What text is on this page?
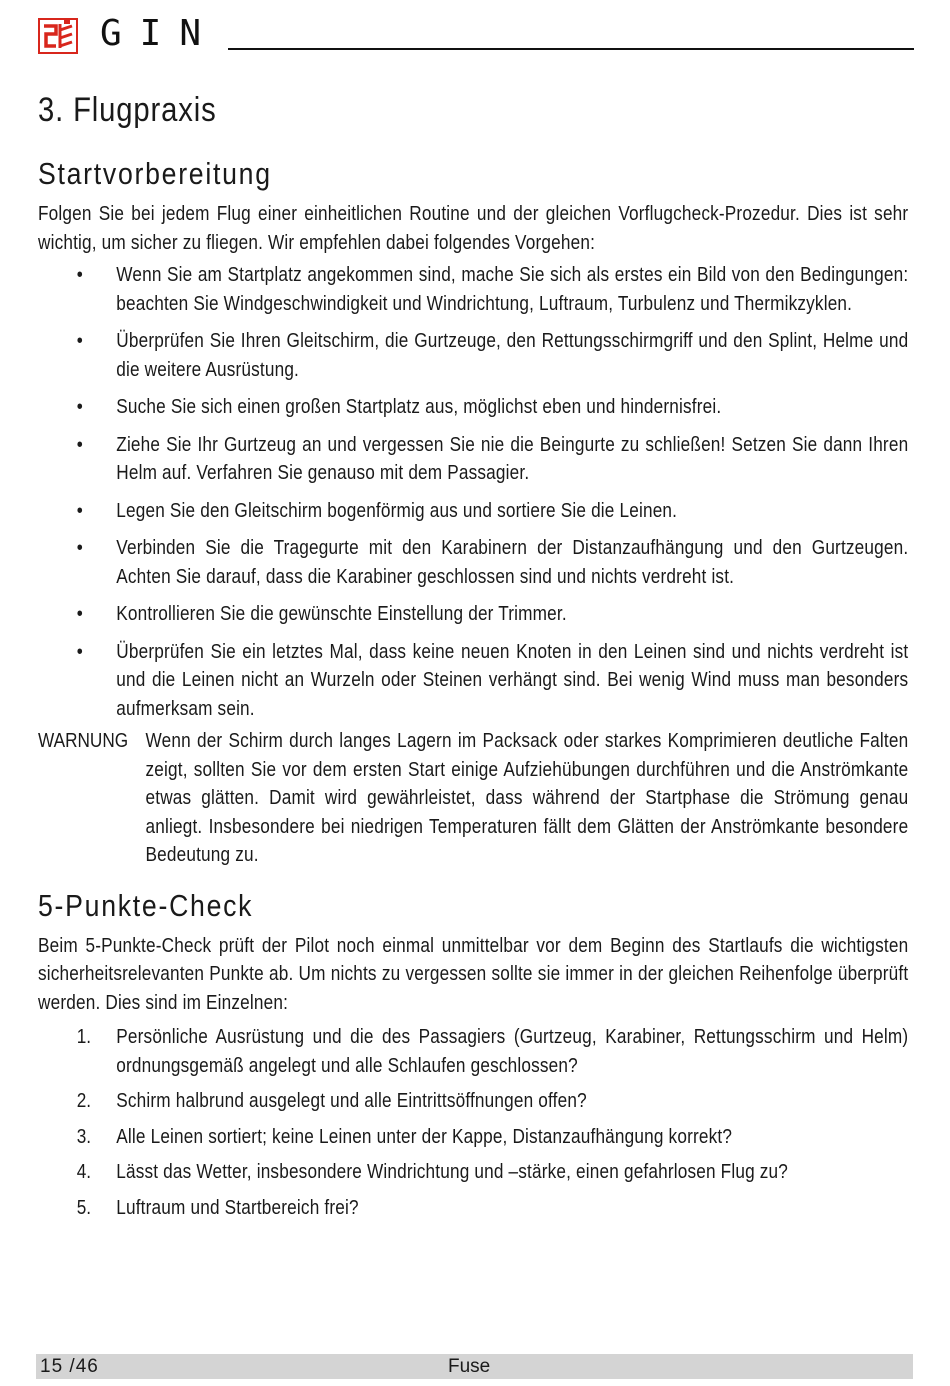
GIN
3. Flugpraxis
Startvorbereitung

Folgen Sie bei jedem Flug einer einheitlichen Routine und der gleichen Vorflugcheck-Prozedur. Dies ist sehr wichtig, um sicher zu fliegen. Wir empfehlen dabei folgendes Vorgehen:

• Wenn Sie am Startplatz angekommen sind, mache Sie sich als erstes ein Bild von den Bedingungen: beachten Sie Windgeschwindigkeit und Windrichtung, Luftraum, Turbulenz und Thermikzyklen.

• Überprüfen Sie Ihren Gleitschirm, die Gurtzeuge, den Rettungsschirmgriff und den Splint, Helme und die weitere Ausrüstung.

• Suche Sie sich einen großen Startplatz aus, möglichst eben und hindernisfrei.

• Ziehe Sie Ihr Gurtzeug an und vergessen Sie nie die Beingurte zu schließen! Setzen Sie dann Ihren Helm auf. Verfahren Sie genauso mit dem Passagier.

• Legen Sie den Gleitschirm bogenförmig aus und sortiere Sie die Leinen.

• Verbinden Sie die Tragegurte mit den Karabinern der Distanzaufhängung und den Gurtzeugen. Achten Sie darauf, dass die Karabiner geschlossen sind und nichts verdreht ist.

• Kontrollieren Sie die gewünschte Einstellung der Trimmer.

• Überprüfen Sie ein letztes Mal, dass keine neuen Knoten in den Leinen sind und nichts verdreht ist und die Leinen nicht an Wurzeln oder Steinen verhängt sind. Bei wenig Wind muss man besonders aufmerksam sein.

WARNUNG Wenn der Schirm durch langes Lagern im Packsack oder starkes Komprimieren deutliche Falten zeigt, sollten Sie vor dem ersten Start einige Aufziehübungen durchführen und die Anströmkante etwas glätten. Damit wird gewährleistet, dass während der Startphase die Strömung genau anliegt. Insbesondere bei niedrigen Temperaturen fällt dem Glätten der Anströmkante besondere Bedeutung zu.

5-Punkte-Check

Beim 5-Punkte-Check prüft der Pilot noch einmal unmittelbar vor dem Beginn des Startlaufs die wichtigsten sicherheitsrelevanten Punkte ab. Um nichts zu vergessen sollte sie immer in der gleichen Reihenfolge überprüft werden. Dies sind im Einzelnen:

1. Persönliche Ausrüstung und die des Passagiers (Gurtzeug, Karabiner, Rettungsschirm und Helm) ordnungsgemäß angelegt und alle Schlaufen geschlossen?

2. Schirm halbrund ausgelegt und alle Eintrittsöffnungen offen?

3. Alle Leinen sortiert; keine Leinen unter der Kappe, Distanzaufhängung korrekt?

4. Lässt das Wetter, insbesondere Windrichtung und –stärke, einen gefahrlosen Flug zu?

5. Luftraum und Startbereich frei?

15 /46	Fuse
